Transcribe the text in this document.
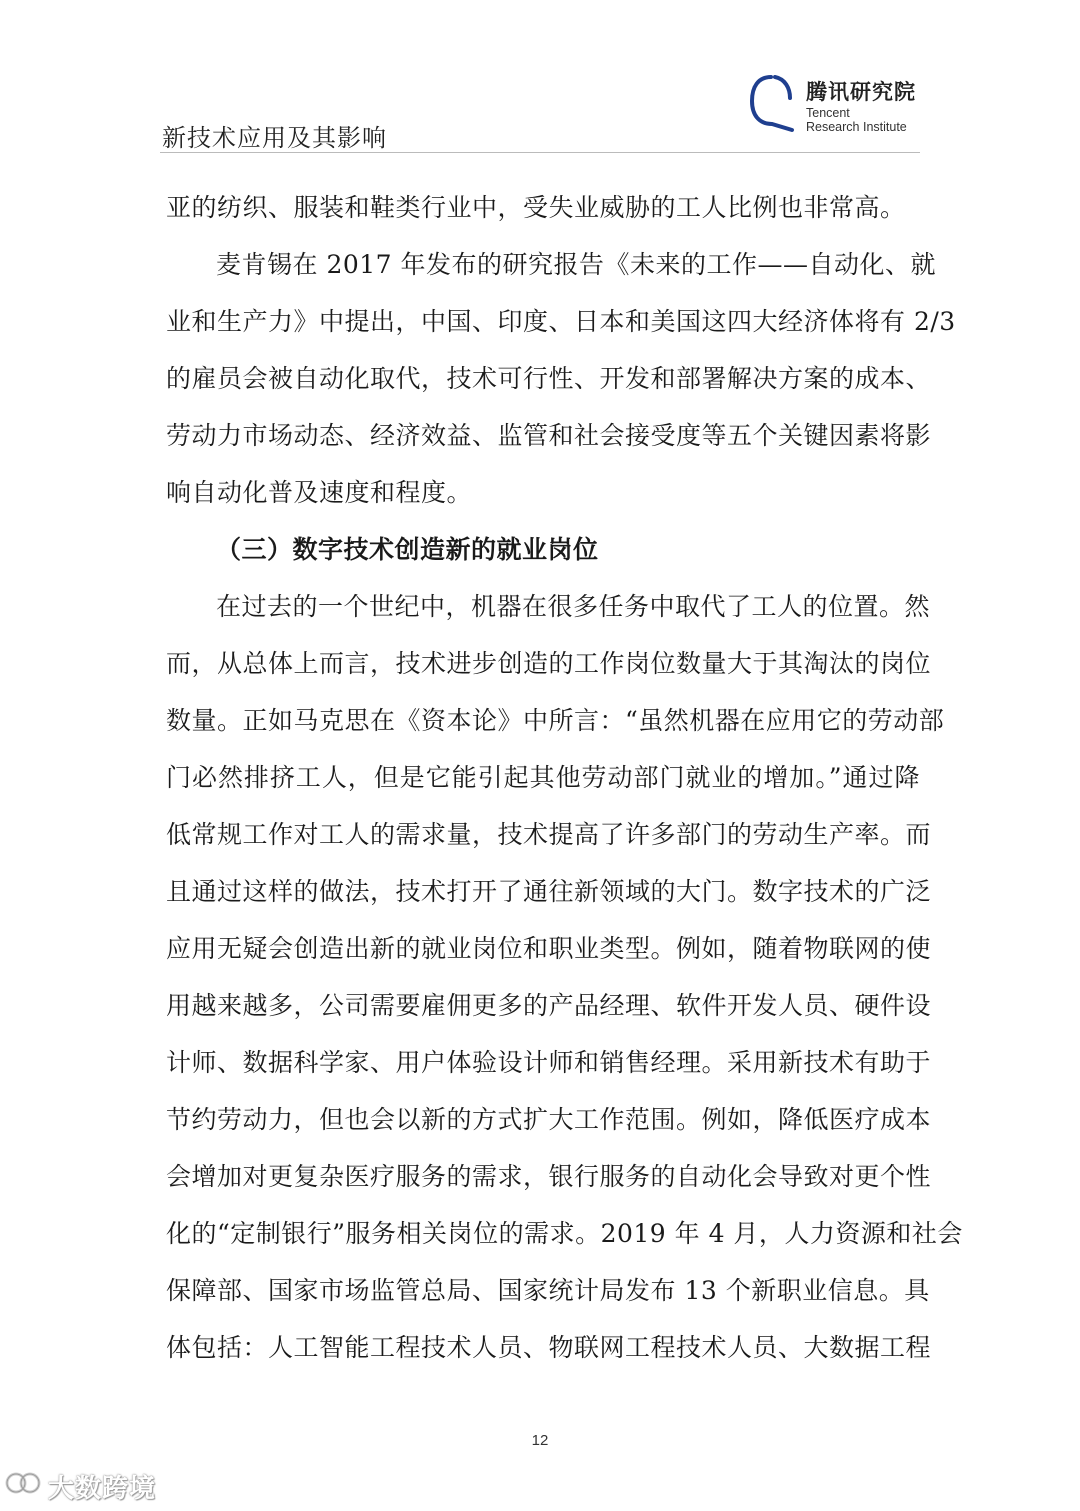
新技术应用及其影响
腾讯研究院
Tencent
Research Institute
亚的纺织、服装和鞋类行业中，受失业威胁的工人比例也非常高。
麦肯锡在 2017 年发布的研究报告《未来的工作——自动化、就
业和生产力》中提出，中国、印度、日本和美国这四大经济体将有 2/3
的雇员会被自动化取代，技术可行性、开发和部署解决方案的成本、
劳动力市场动态、经济效益、监管和社会接受度等五个关键因素将影
响自动化普及速度和程度。
（三）数字技术创造新的就业岗位
在过去的一个世纪中，机器在很多任务中取代了工人的位置。然
而，从总体上而言，技术进步创造的工作岗位数量大于其淘汰的岗位
数量。正如马克思在《资本论》中所言：“虽然机器在应用它的劳动部
门必然排挤工人，但是它能引起其他劳动部门就业的增加。”通过降
低常规工作对工人的需求量，技术提高了许多部门的劳动生产率。而
且通过这样的做法，技术打开了通往新领域的大门。数字技术的广泛
应用无疑会创造出新的就业岗位和职业类型。例如，随着物联网的使
用越来越多，公司需要雇佣更多的产品经理、软件开发人员、硬件设
计师、数据科学家、用户体验设计师和销售经理。采用新技术有助于
节约劳动力，但也会以新的方式扩大工作范围。例如，降低医疗成本
会增加对更复杂医疗服务的需求，银行服务的自动化会导致对更个性
化的“定制银行”服务相关岗位的需求。2019 年 4 月，人力资源和社会
保障部、国家市场监管总局、国家统计局发布 13 个新职业信息。具
体包括：人工智能工程技术人员、物联网工程技术人员、大数据工程
12
大数跨境
